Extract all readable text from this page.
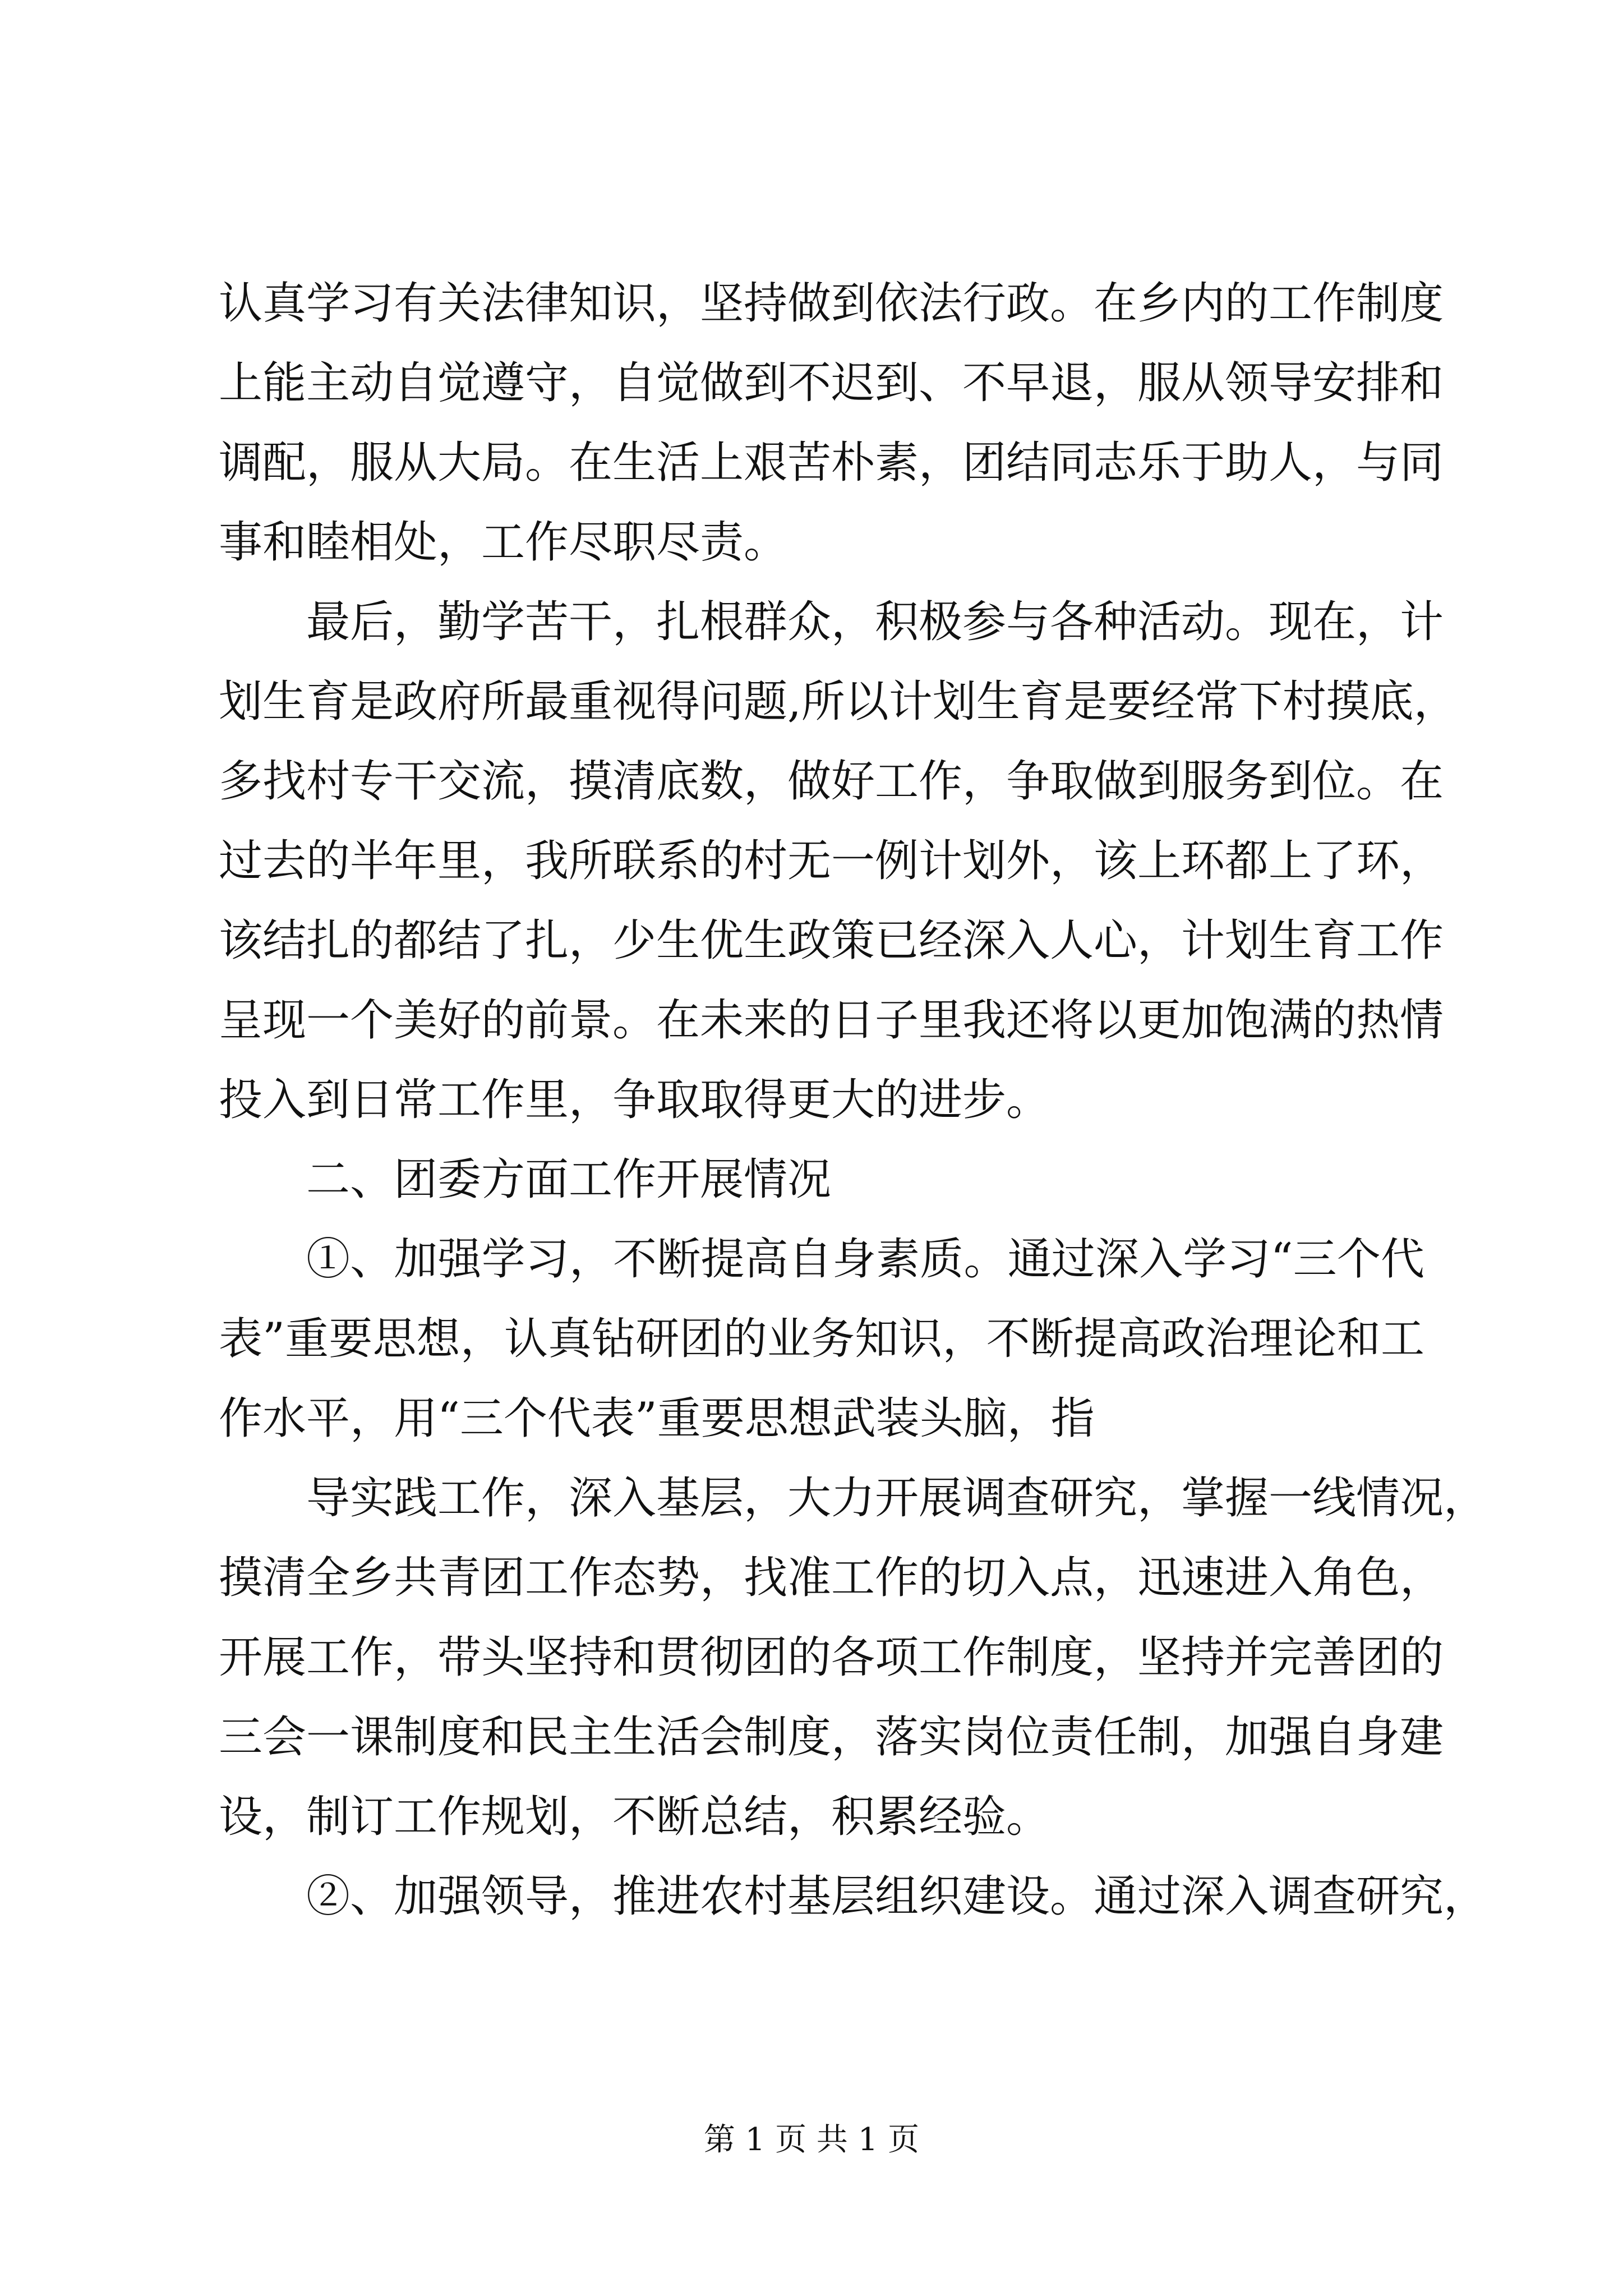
认真学习有关法律知识，坚持做到依法行政。在乡内的工作制度
上能主动自觉遵守，自觉做到不迟到、不早退，服从领导安排和
调配，服从大局。在生活上艰苦朴素，团结同志乐于助人，与同
事和睦相处，工作尽职尽责。
最后，勤学苦干，扎根群众，积极参与各种活动。现在，计
划生育是政府所最重视得问题,所以计划生育是要经常下村摸底，
多找村专干交流，摸清底数，做好工作，争取做到服务到位。在
过去的半年里，我所联系的村无一例计划外，该上环都上了环，
该结扎的都结了扎，少生优生政策已经深入人心，计划生育工作
呈现一个美好的前景。在未来的日子里我还将以更加饱满的热情
投入到日常工作里，争取取得更大的进步。
二、团委方面工作开展情况
①、加强学习，不断提高自身素质。通过深入学习“三个代
表”重要思想，认真钻研团的业务知识，不断提高政治理论和工
作水平，用“三个代表”重要思想武装头脑，指
导实践工作，深入基层，大力开展调查研究，掌握一线情况，
摸清全乡共青团工作态势，找准工作的切入点，迅速进入角色，
开展工作，带头坚持和贯彻团的各项工作制度，坚持并完善团的
三会一课制度和民主生活会制度，落实岗位责任制，加强自身建
设，制订工作规划，不断总结，积累经验。
②、加强领导，推进农村基层组织建设。通过深入调查研究，
第 1 页 共 1 页
